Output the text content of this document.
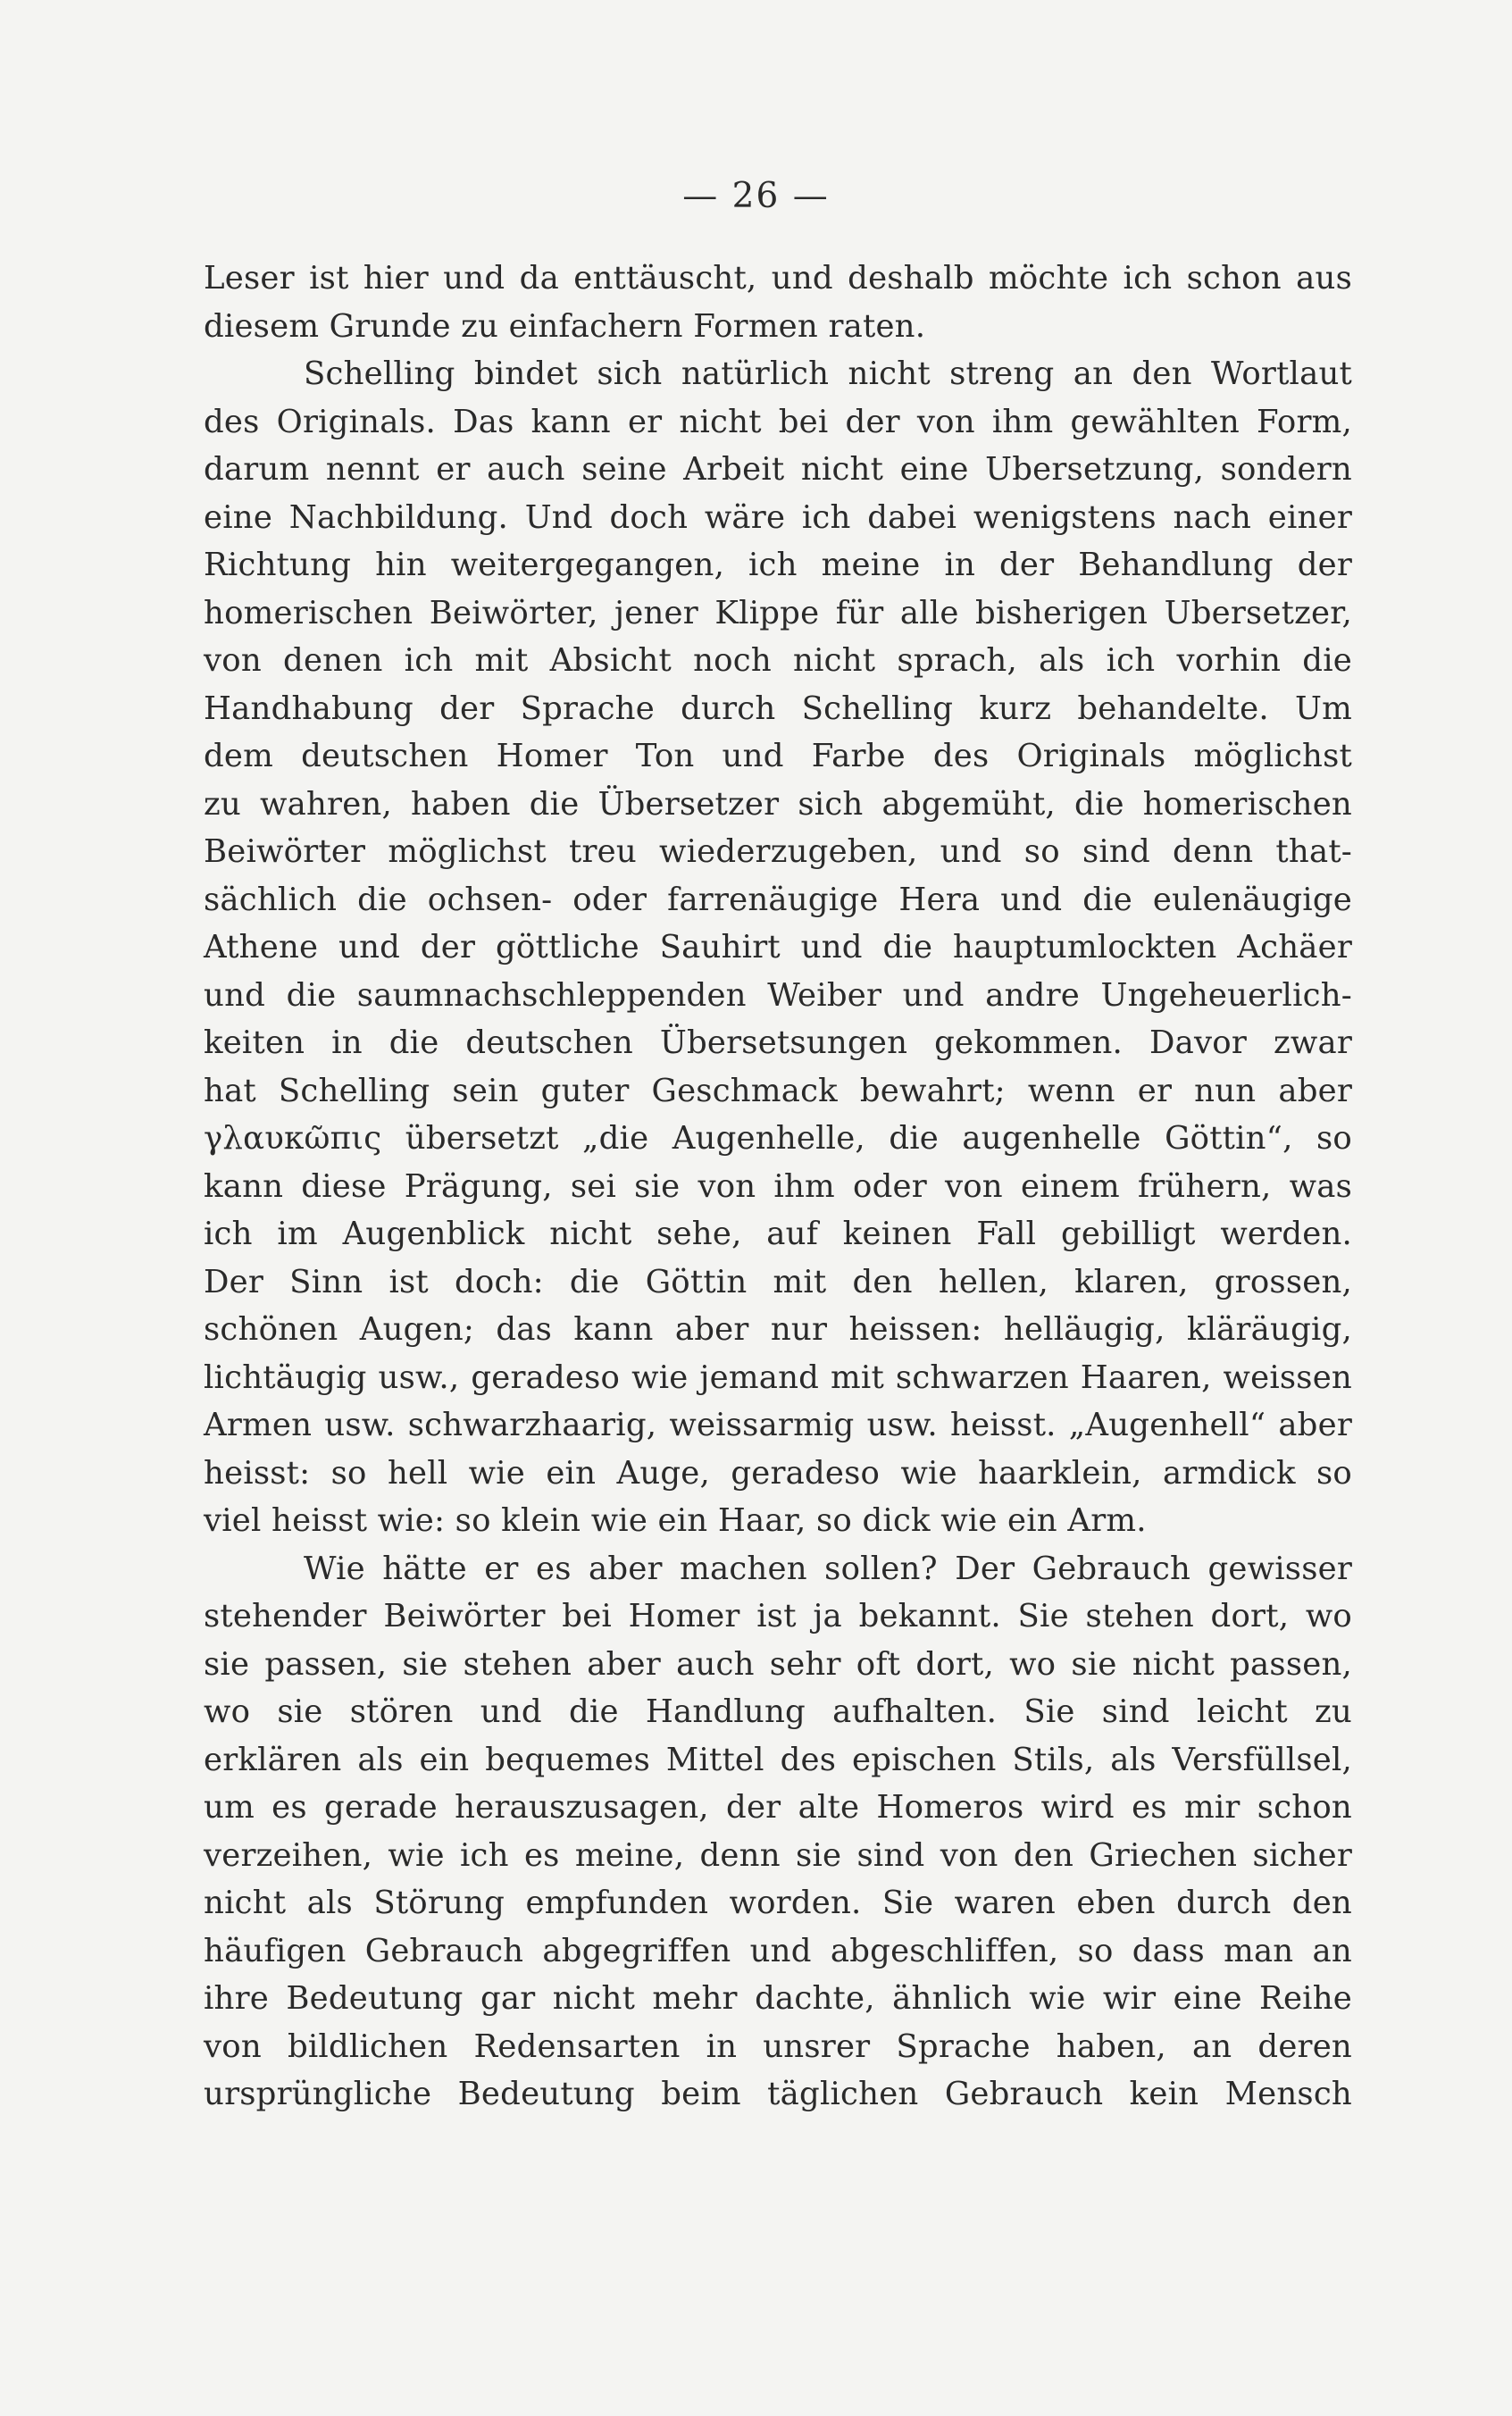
— 26 —
Leser ist hier und da enttäuscht, und deshalb möchte ich schon aus
diesem Grunde zu einfachern Formen raten.
Schelling bindet sich natürlich nicht streng an den Wortlaut
des Originals. Das kann er nicht bei der von ihm gewählten Form,
darum nennt er auch seine Arbeit nicht eine Ubersetzung, sondern
eine Nachbildung. Und doch wäre ich dabei wenigstens nach einer
Richtung hin weitergegangen, ich meine in der Behandlung der
homerischen Beiwörter, jener Klippe für alle bisherigen Ubersetzer,
von denen ich mit Absicht noch nicht sprach, als ich vorhin die
Handhabung der Sprache durch Schelling kurz behandelte. Um
dem deutschen Homer Ton und Farbe des Originals möglichst
zu wahren, haben die Übersetzer sich abgemüht, die homerischen
Beiwörter möglichst treu wiederzugeben, und so sind denn that-
sächlich die ochsen- oder farrenäugige Hera und die eulenäugige
Athene und der göttliche Sauhirt und die hauptumlockten Achäer
und die saumnachschleppenden Weiber und andre Ungeheuerlich-
keiten in die deutschen Übersetsungen gekommen. Davor zwar
hat Schelling sein guter Geschmack bewahrt; wenn er nun aber
γλαυκῶπις übersetzt „die Augenhelle, die augenhelle Göttin“, so
kann diese Prägung, sei sie von ihm oder von einem frühern, was
ich im Augenblick nicht sehe, auf keinen Fall gebilligt werden.
Der Sinn ist doch: die Göttin mit den hellen, klaren, grossen,
schönen Augen; das kann aber nur heissen: helläugig, kläräugig,
lichtäugig usw., geradeso wie jemand mit schwarzen Haaren, weissen
Armen usw. schwarzhaarig, weissarmig usw. heisst. „Augenhell“ aber
heisst: so hell wie ein Auge, geradeso wie haarklein, armdick so
viel heisst wie: so klein wie ein Haar, so dick wie ein Arm.
Wie hätte er es aber machen sollen? Der Gebrauch gewisser
stehender Beiwörter bei Homer ist ja bekannt. Sie stehen dort, wo
sie passen, sie stehen aber auch sehr oft dort, wo sie nicht passen,
wo sie stören und die Handlung aufhalten. Sie sind leicht zu
erklären als ein bequemes Mittel des epischen Stils, als Versfüllsel,
um es gerade herauszusagen, der alte Homeros wird es mir schon
verzeihen, wie ich es meine, denn sie sind von den Griechen sicher
nicht als Störung empfunden worden. Sie waren eben durch den
häufigen Gebrauch abgegriffen und abgeschliffen, so dass man an
ihre Bedeutung gar nicht mehr dachte, ähnlich wie wir eine Reihe
von bildlichen Redensarten in unsrer Sprache haben, an deren
ursprüngliche Bedeutung beim täglichen Gebrauch kein Mensch
